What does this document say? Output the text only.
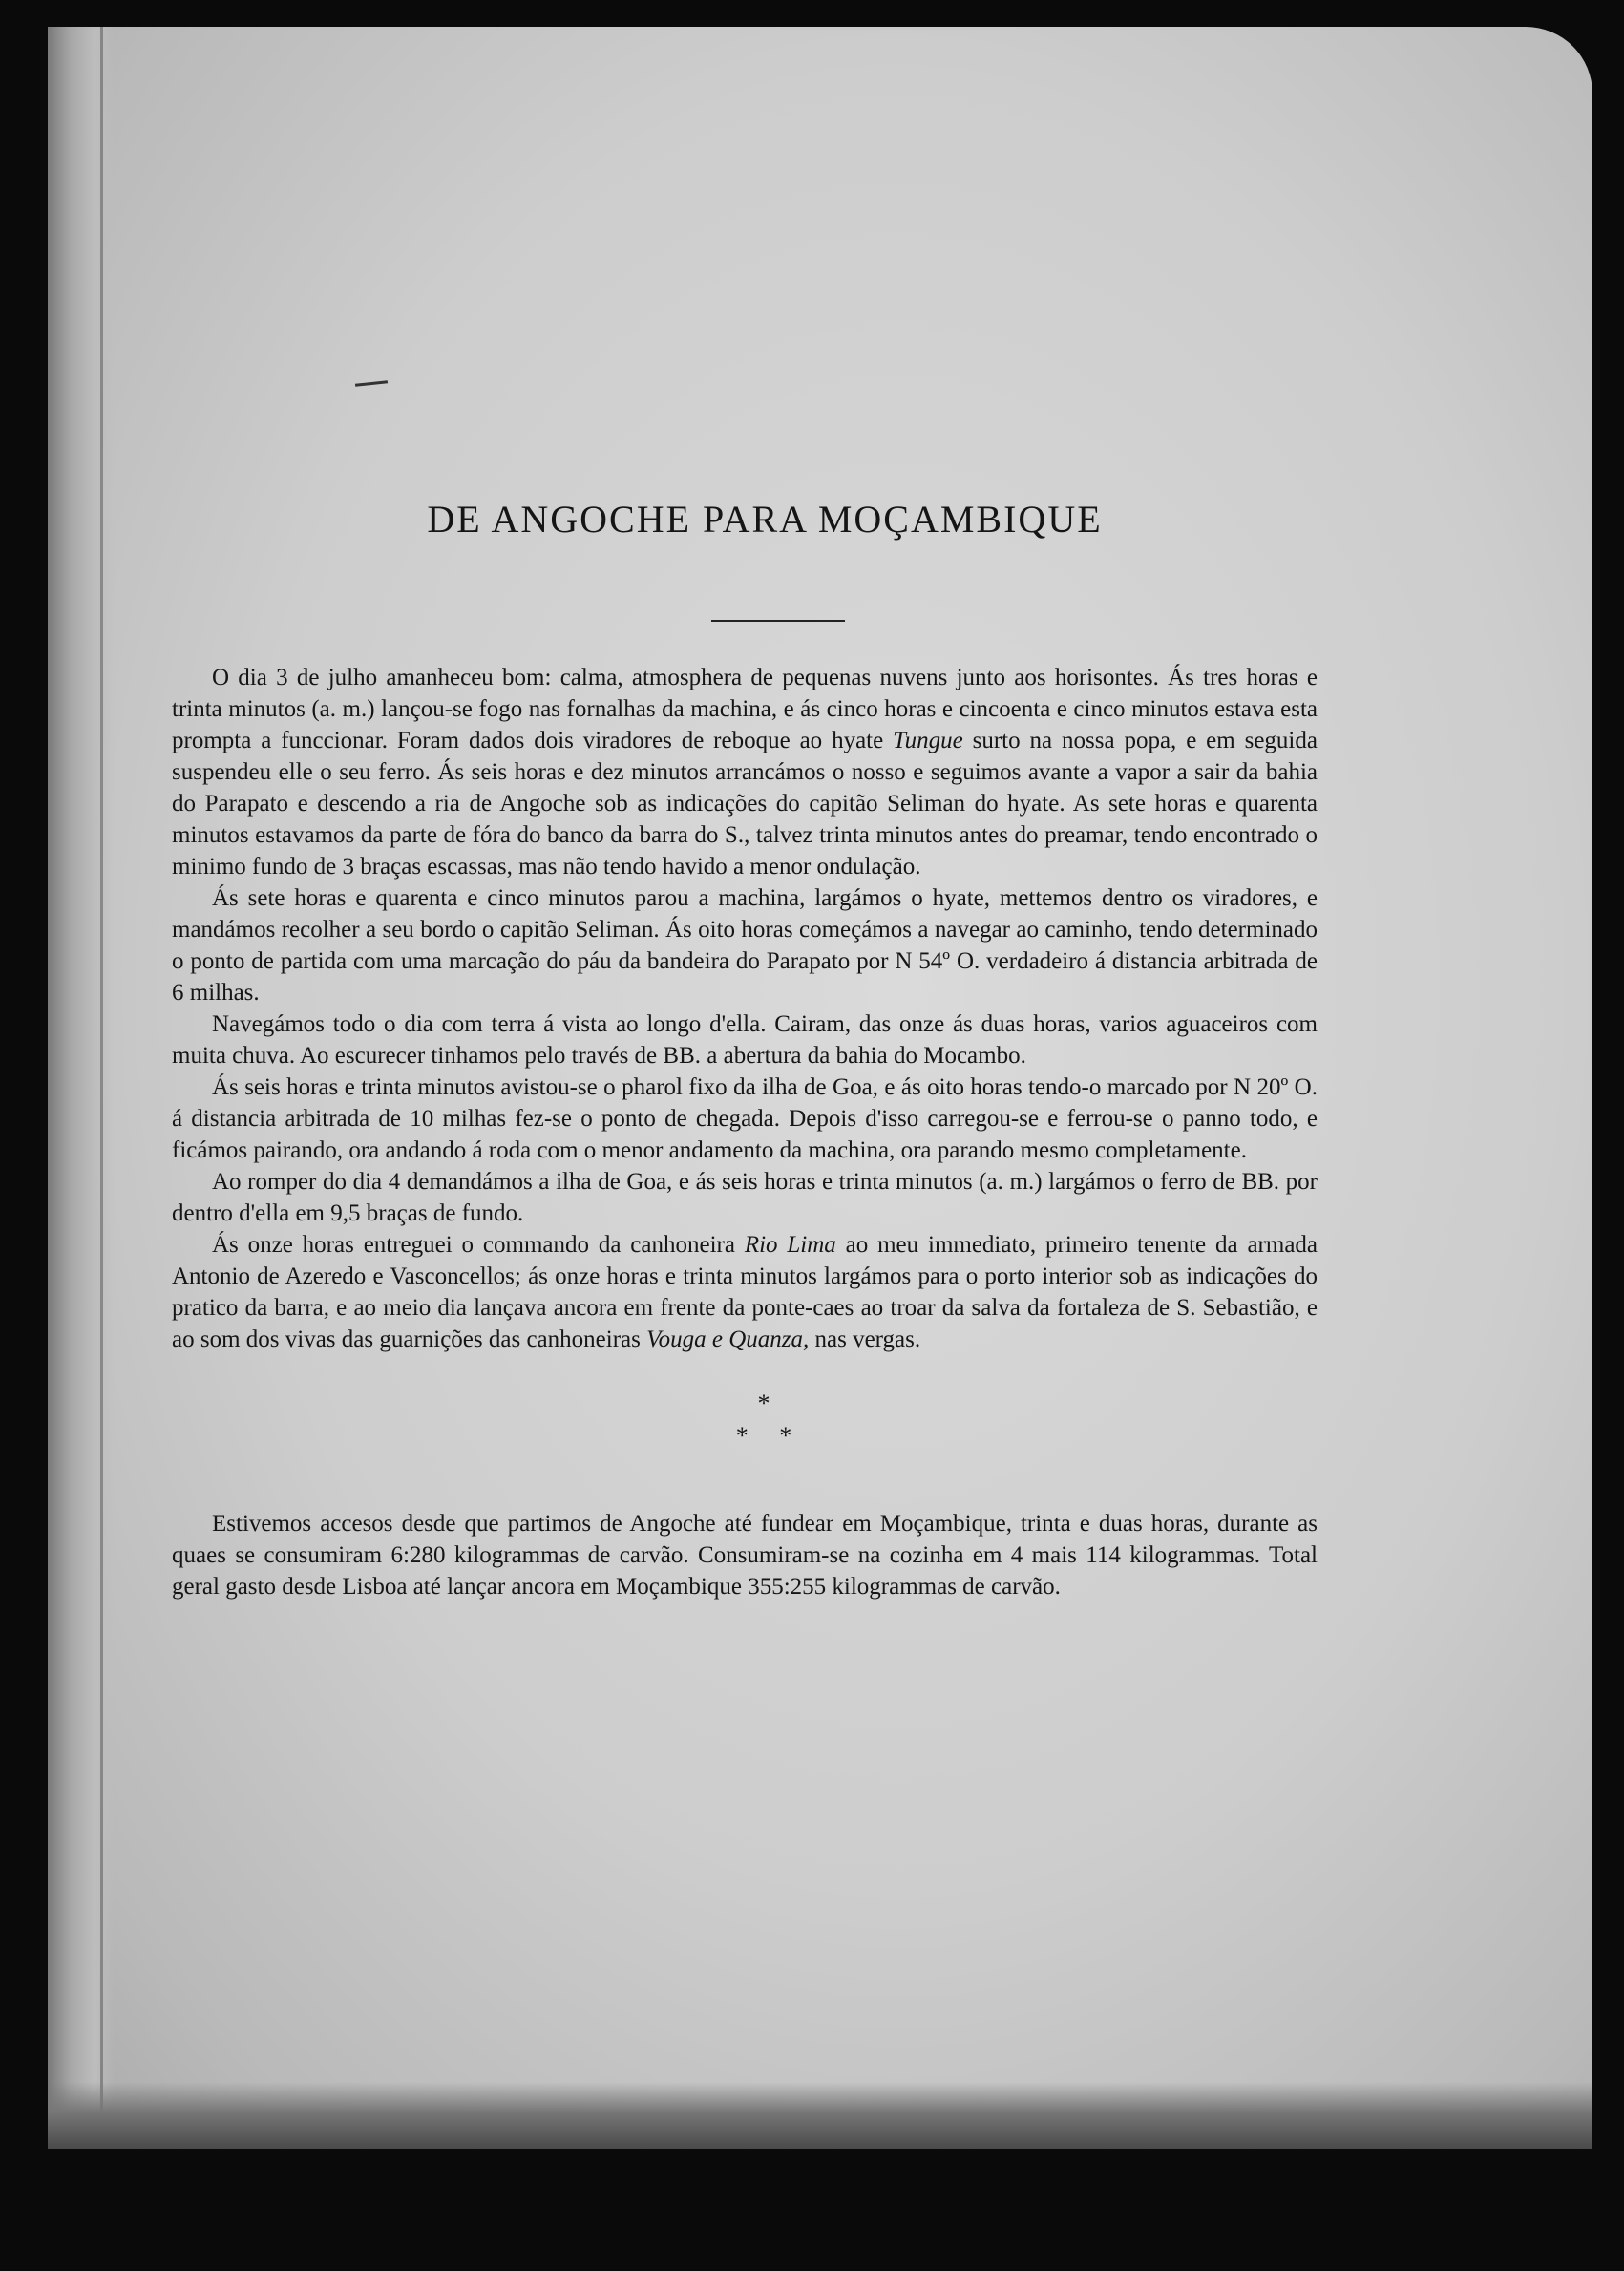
DE ANGOCHE PARA MOÇAMBIQUE

O dia 3 de julho amanheceu bom: calma, atmosphera de pequenas nuvens junto aos horisontes. Ás tres horas e trinta minutos (a. m.) lançou-se fogo nas fornalhas da machina, e ás cinco horas e cincoenta e cinco minutos estava esta prompta a funccionar. Foram dados dois viradores de reboque ao hyate Tungue surto na nossa popa, e em seguida suspendeu elle o seu ferro. Ás seis horas e dez minutos arrancámos o nosso e seguimos avante a vapor a sair da bahia do Parapato e descendo a ria de Angoche sob as indicações do capitão Seliman do hyate. As sete horas e quarenta minutos estavamos da parte de fóra do banco da barra do S., talvez trinta minutos antes do preamar, tendo encontrado o minimo fundo de 3 braças escassas, mas não tendo havido a menor ondulação.

Ás sete horas e quarenta e cinco minutos parou a machina, largámos o hyate, mettemos dentro os viradores, e mandámos recolher a seu bordo o capitão Seliman. Ás oito horas começámos a navegar ao caminho, tendo determinado o ponto de partida com uma marcação do páu da bandeira do Parapato por N 54º O. verdadeiro á distancia arbitrada de 6 milhas.

Navegámos todo o dia com terra á vista ao longo d'ella. Cairam, das onze ás duas horas, varios aguaceiros com muita chuva. Ao escurecer tinhamos pelo través de BB. a abertura da bahia do Mocambo.

Ás seis horas e trinta minutos avistou-se o pharol fixo da ilha de Goa, e ás oito horas tendo-o marcado por N 20º O. á distancia arbitrada de 10 milhas fez-se o ponto de chegada. Depois d'isso carregou-se e ferrou-se o panno todo, e ficámos pairando, ora andando á roda com o menor andamento da machina, ora parando mesmo completamente.

Ao romper do dia 4 demandámos a ilha de Goa, e ás seis horas e trinta minutos (a. m.) largámos o ferro de BB. por dentro d'ella em 9,5 braças de fundo.

Ás onze horas entreguei o commando da canhoneira Rio Lima ao meu immediato, primeiro tenente da armada Antonio de Azeredo e Vasconcellos; ás onze horas e trinta minutos largámos para o porto interior sob as indicações do pratico da barra, e ao meio dia lançava ancora em frente da ponte-caes ao troar da salva da fortaleza de S. Sebastião, e ao som dos vivas das guarnições das canhoneiras Vouga e Quanza, nas vergas.

*
*     *

Estivemos accesos desde que partimos de Angoche até fundear em Moçambique, trinta e duas horas, durante as quaes se consumiram 6:280 kilogrammas de carvão. Consumiram-se na cozinha em 4 mais 114 kilogrammas. Total geral gasto desde Lisboa até lançar ancora em Moçambique 355:255 kilogrammas de carvão.
